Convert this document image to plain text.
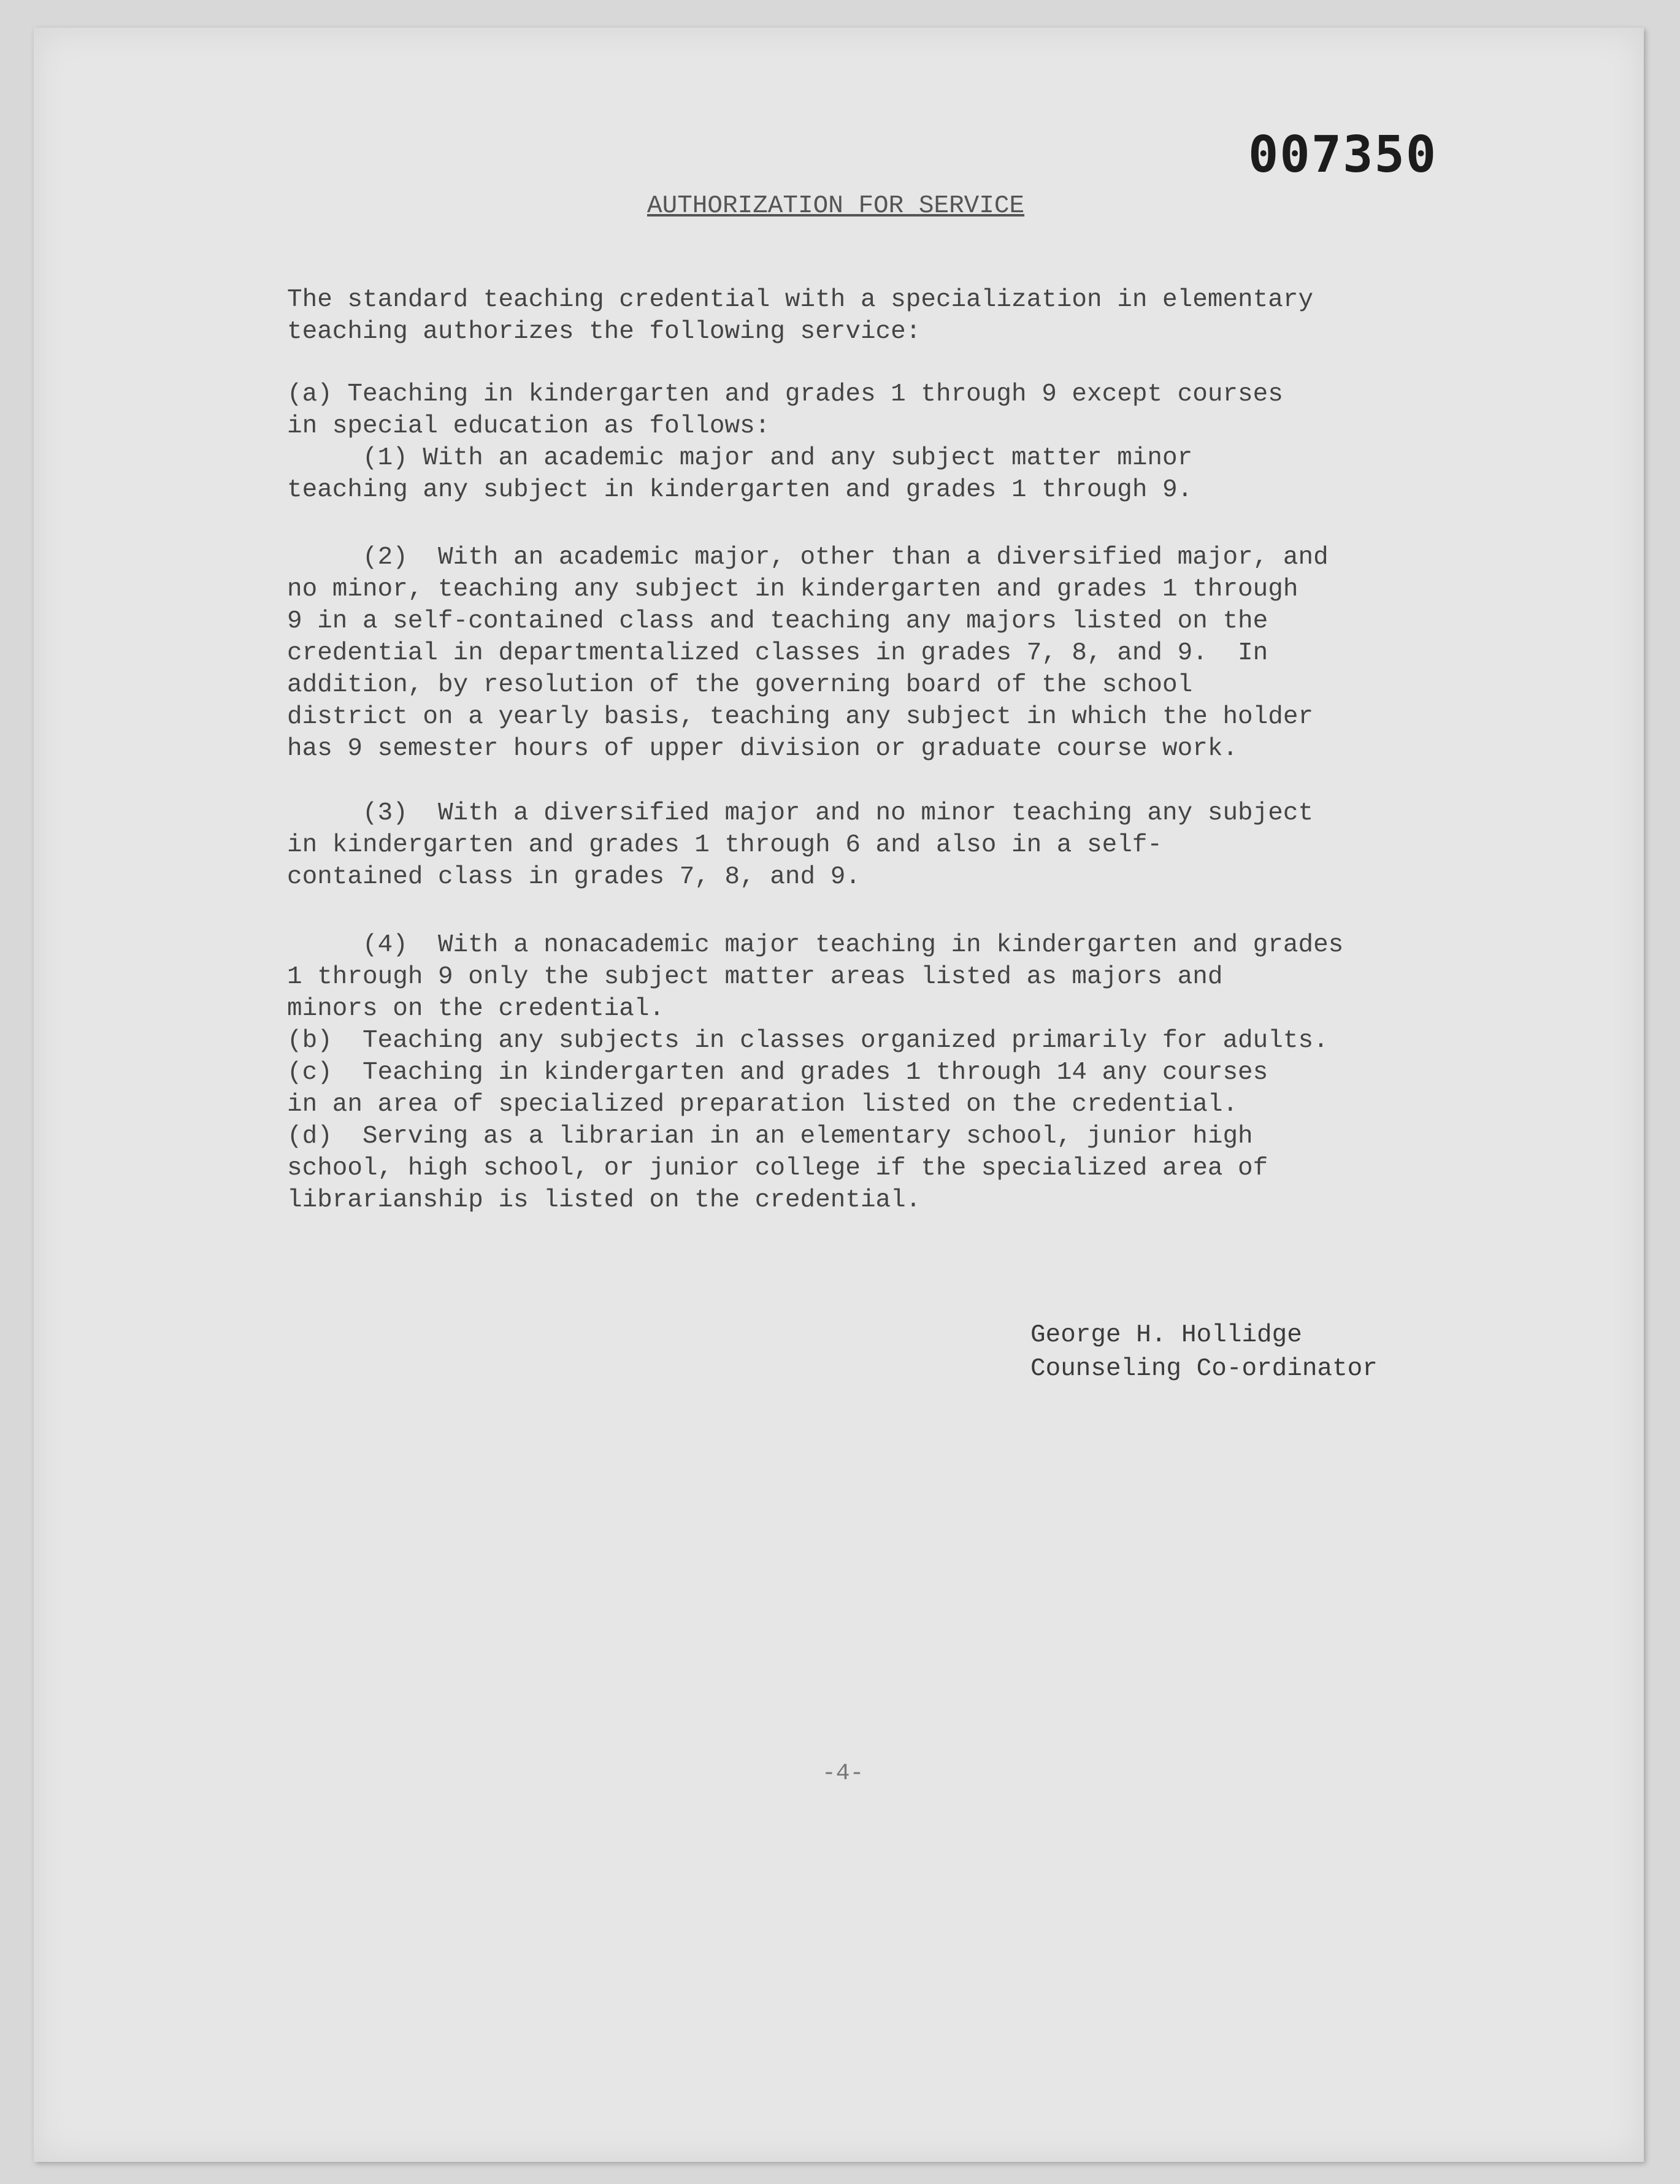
007350
AUTHORIZATION FOR SERVICE

The standard teaching credential with a specialization in elementary
teaching authorizes the following service:

(a) Teaching in kindergarten and grades 1 through 9 except courses
in special education as follows:
(1) With an academic major and any subject matter minor
teaching any subject in kindergarten and grades 1 through 9.

(2)  With an academic major, other than a diversified major, and
no minor, teaching any subject in kindergarten and grades 1 through
9 in a self-contained class and teaching any majors listed on the
credential in departmentalized classes in grades 7, 8, and 9.  In
addition, by resolution of the governing board of the school
district on a yearly basis, teaching any subject in which the holder
has 9 semester hours of upper division or graduate course work.

(3)  With a diversified major and no minor teaching any subject
in kindergarten and grades 1 through 6 and also in a self-
contained class in grades 7, 8, and 9.

(4)  With a nonacademic major teaching in kindergarten and grades
1 through 9 only the subject matter areas listed as majors and
minors on the credential.
(b)  Teaching any subjects in classes organized primarily for adults.
(c)  Teaching in kindergarten and grades 1 through 14 any courses
in an area of specialized preparation listed on the credential.
(d)  Serving as a librarian in an elementary school, junior high
school, high school, or junior college if the specialized area of
librarianship is listed on the credential.

George H. Hollidge
Counseling Co-ordinator
-4-
